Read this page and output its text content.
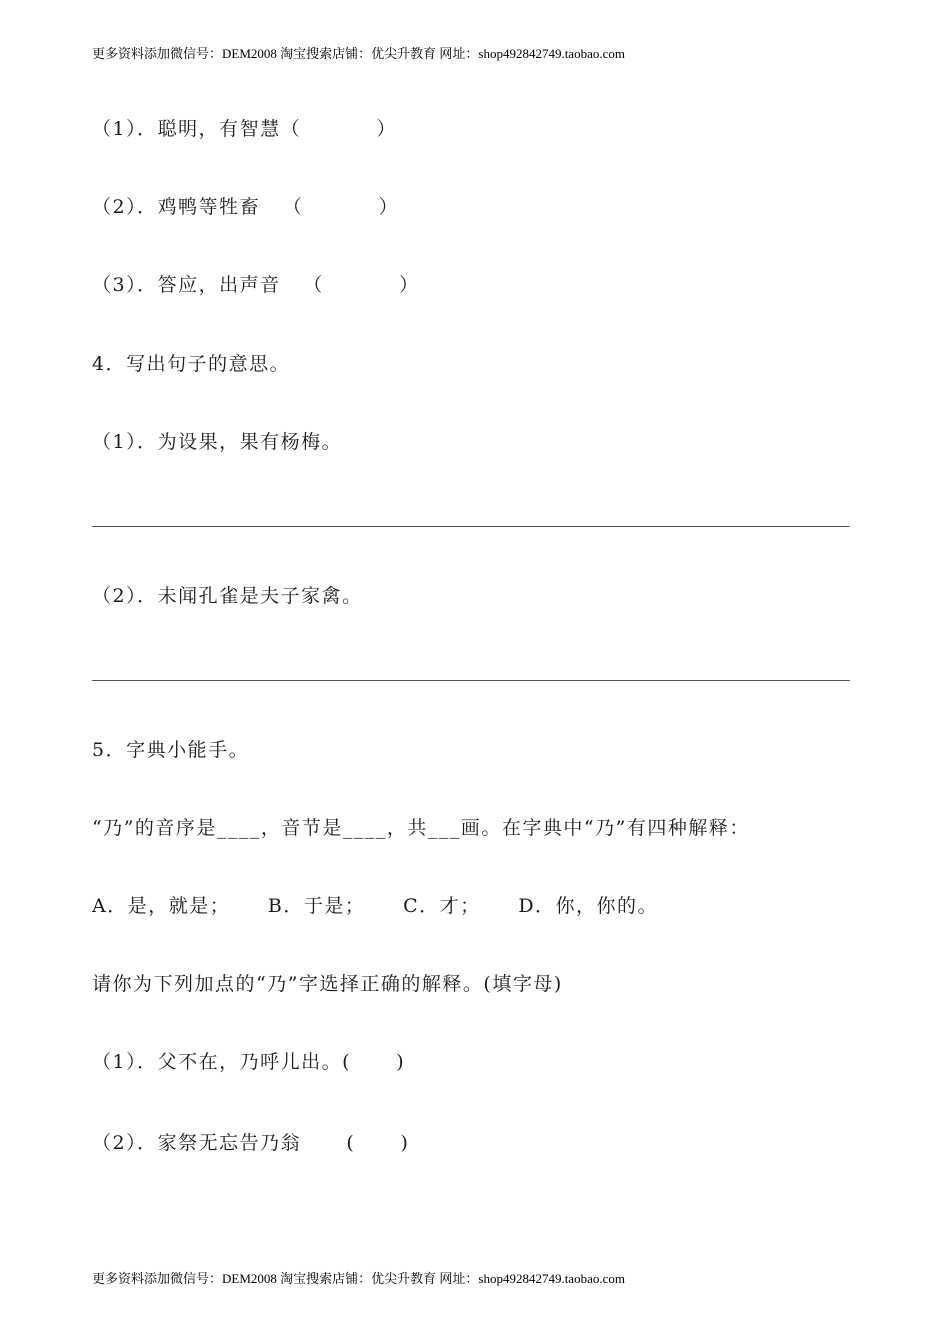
更多资料添加微信号：DEM2008 淘宝搜索店铺：优尖升教育 网址：shop492842749.taobao.com
（1）．聪明，有智慧（          ）
（2）．鸡鸭等牲畜   （          ）
（3）．答应，出声音   （          ）
4．写出句子的意思。
（1）．为设果，果有杨梅。
（2）．未闻孔雀是夫子家禽。
5．字典小能手。
“乃”的音序是____，音节是____，共___画。在字典中“乃”有四种解释：
A．是，就是；     B．于是；     C．才；     D．你，你的。
请你为下列加点的“乃”字选择正确的解释。(填字母)
（1）．父不在，乃呼儿出。(      )
（2）．家祭无忘告乃翁      (      )
更多资料添加微信号：DEM2008 淘宝搜索店铺：优尖升教育 网址：shop492842749.taobao.com
